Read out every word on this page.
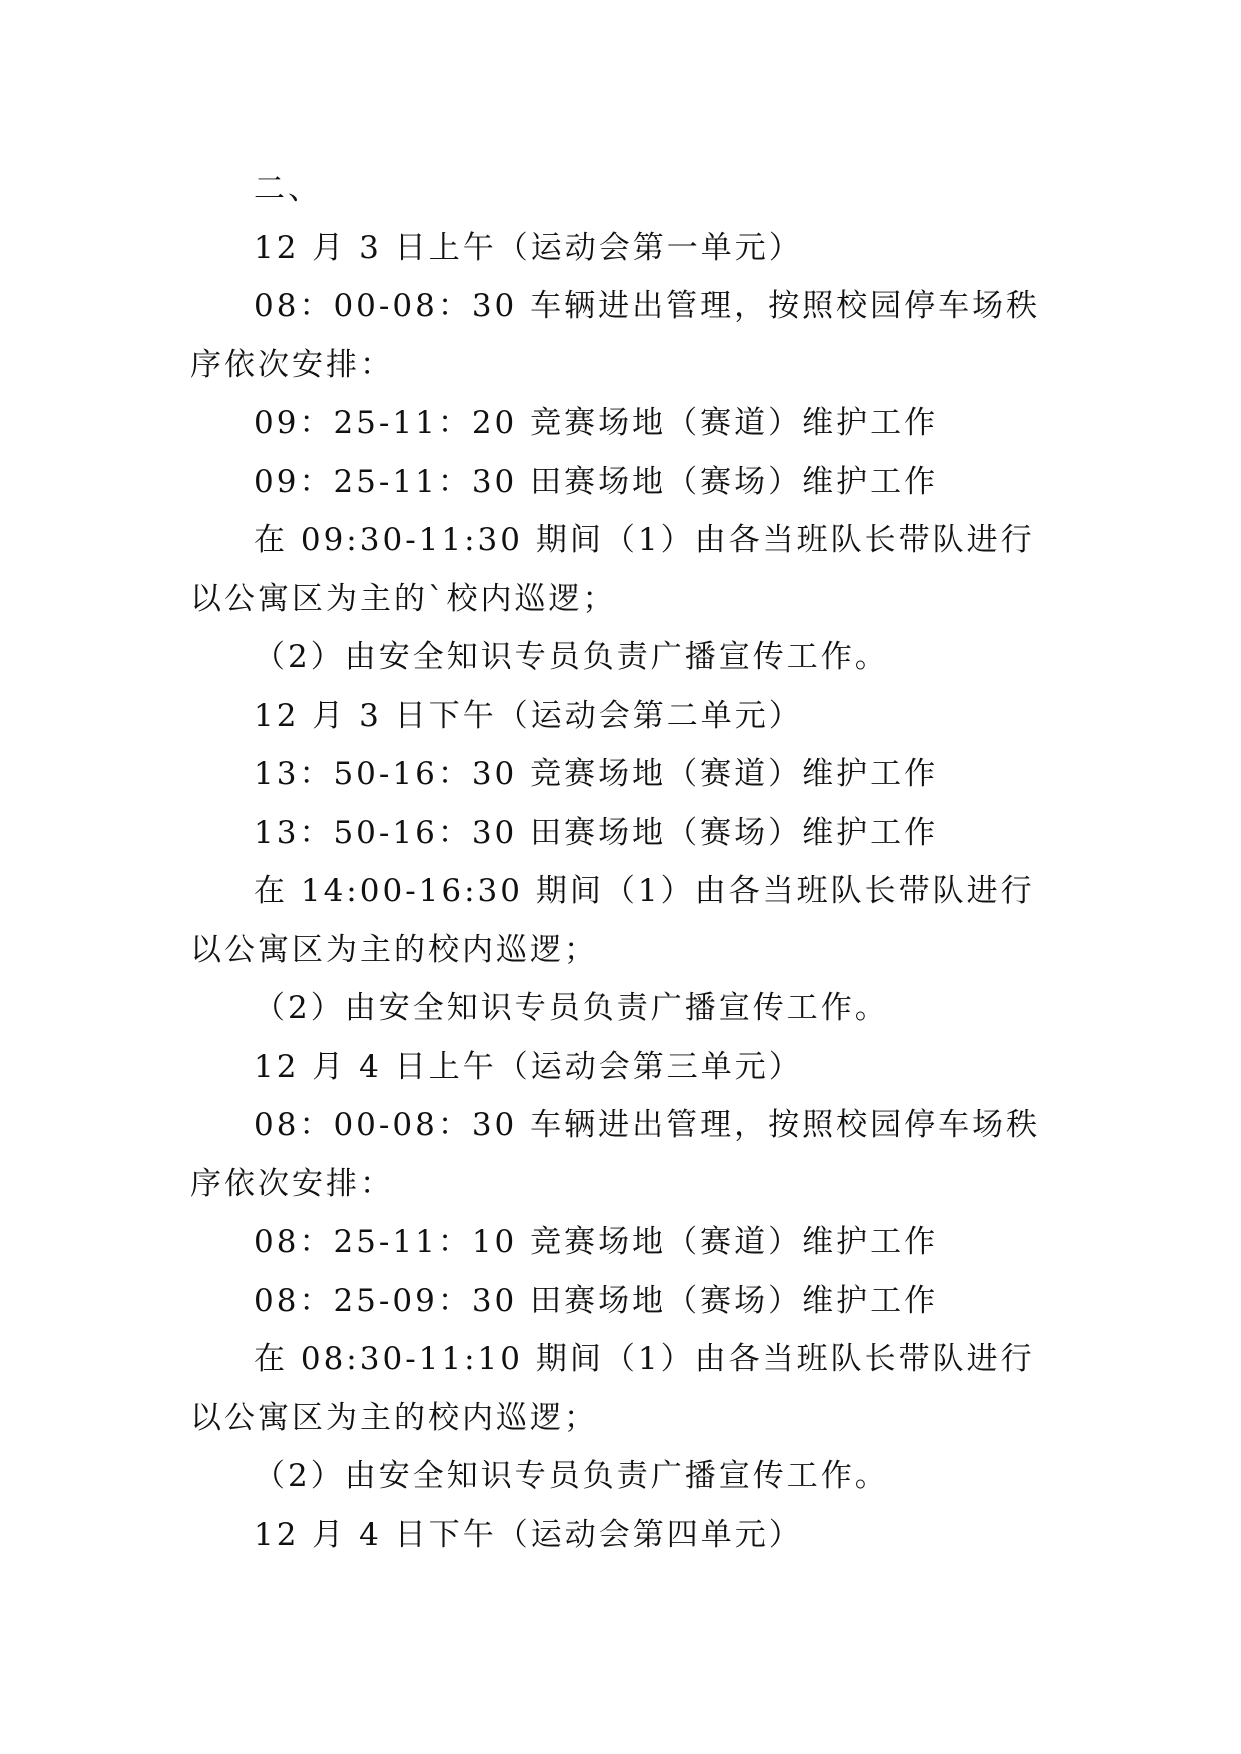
二、

12 月 3 日上午（运动会第一单元）

08：00-08：30 车辆进出管理，按照校园停车场秩序依次安排：

09：25-11：20 竞赛场地（赛道）维护工作

09：25-11：30 田赛场地（赛场）维护工作

在 09:30-11:30 期间（1）由各当班队长带队进行以公寓区为主的`校内巡逻；

（2）由安全知识专员负责广播宣传工作。

12 月 3 日下午（运动会第二单元）

13：50-16：30 竞赛场地（赛道）维护工作

13：50-16：30 田赛场地（赛场）维护工作

在 14:00-16:30 期间（1）由各当班队长带队进行以公寓区为主的校内巡逻；

（2）由安全知识专员负责广播宣传工作。

12 月 4 日上午（运动会第三单元）

08：00-08：30 车辆进出管理，按照校园停车场秩序依次安排：

08：25-11：10 竞赛场地（赛道）维护工作

08：25-09：30 田赛场地（赛场）维护工作

在 08:30-11:10 期间（1）由各当班队长带队进行以公寓区为主的校内巡逻；

（2）由安全知识专员负责广播宣传工作。

12 月 4 日下午（运动会第四单元）
